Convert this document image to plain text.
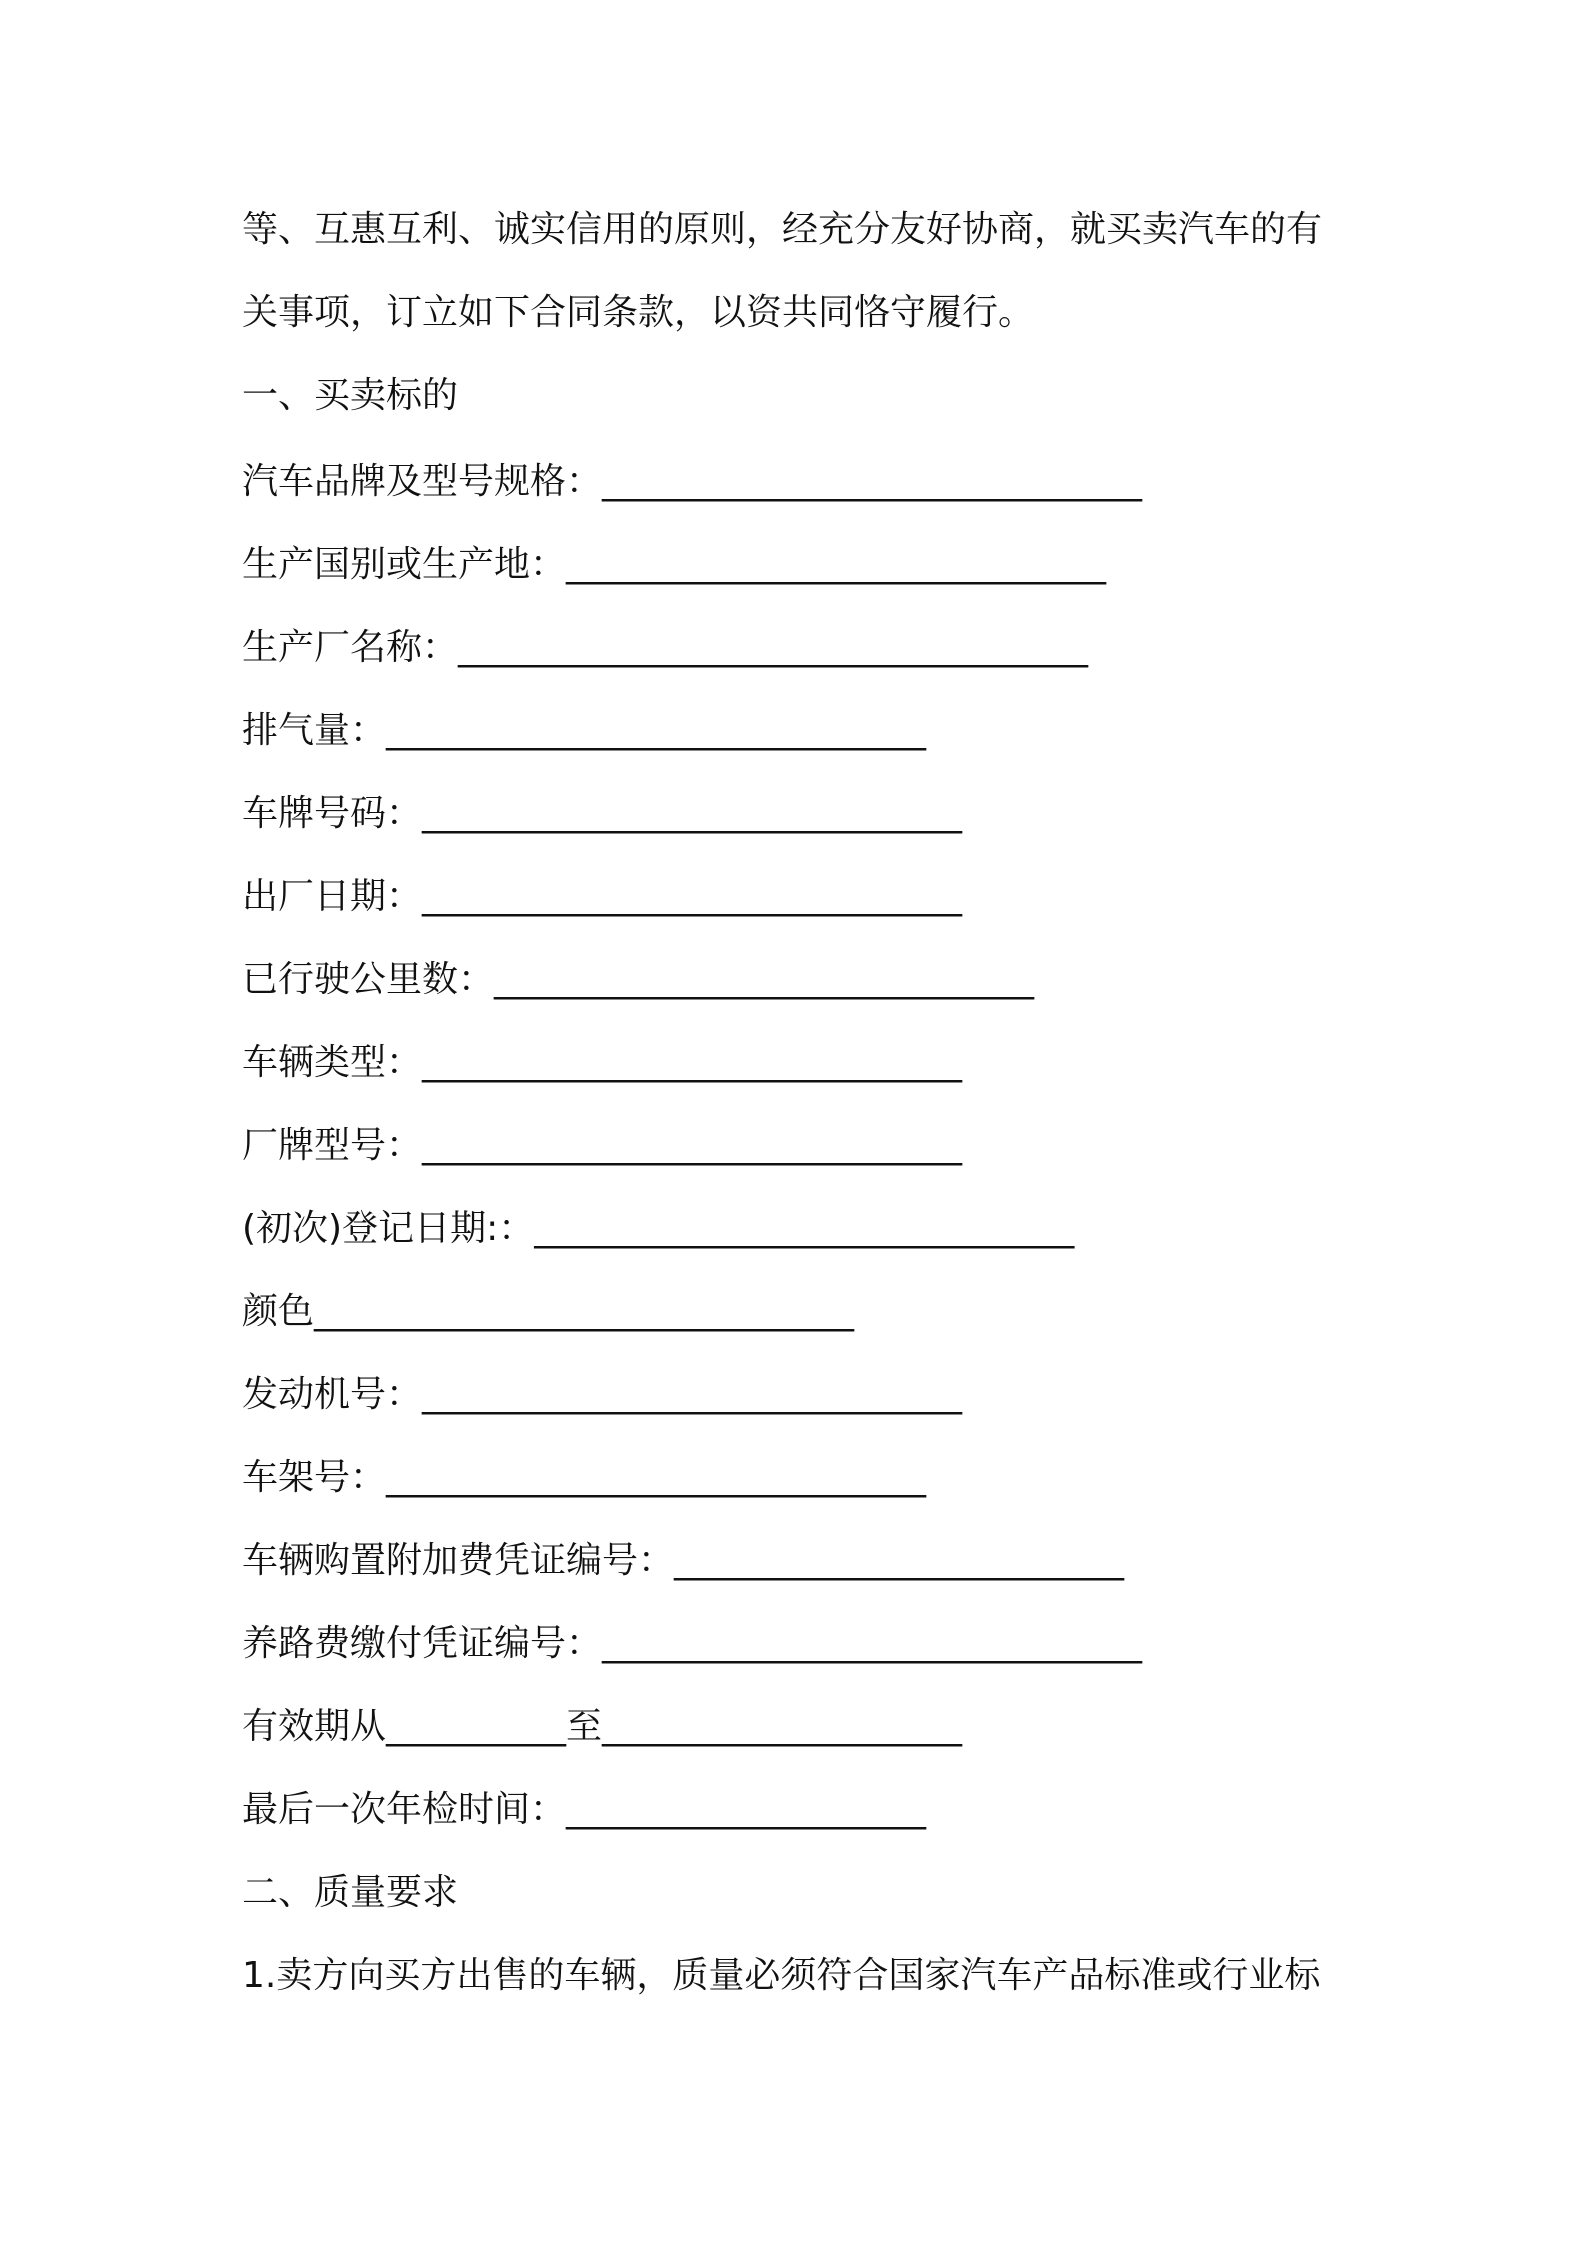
等、互惠互利、诚实信用的原则，经充分友好协商，就买卖汽车的有
关事项，订立如下合同条款，以资共同恪守履行。
一、买卖标的
汽车品牌及型号规格：______________________________
生产国别或生产地：______________________________
生产厂名称：___________________________________
排气量：______________________________
车牌号码：______________________________
出厂日期：______________________________
已行驶公里数：______________________________
车辆类型：______________________________
厂牌型号：______________________________
(初次)登记日期:：______________________________
颜色______________________________
发动机号：______________________________
车架号：______________________________
车辆购置附加费凭证编号：_________________________
养路费缴付凭证编号：______________________________
有效期从__________至____________________
最后一次年检时间：____________________
二、质量要求
1.卖方向买方出售的车辆，质量必须符合国家汽车产品标准或行业标
